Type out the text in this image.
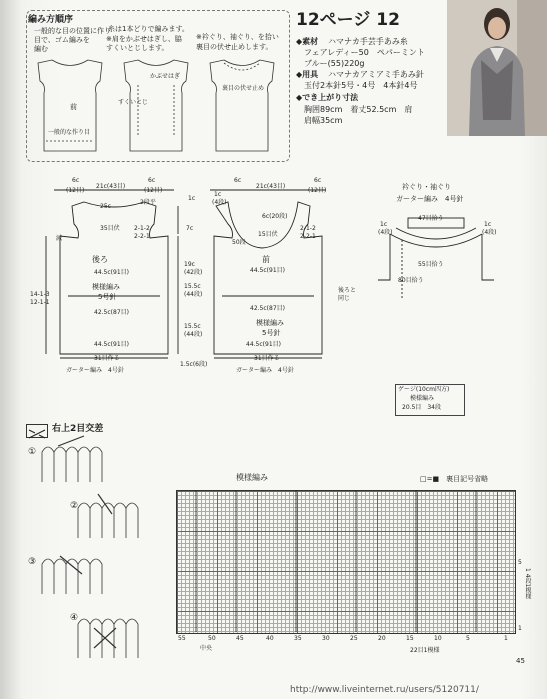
編み方順序
一般的な目の位置に作り
目で、ゴム編みを
編む
糸は1本どりで編みます。
※肩をかぶせはぎし、脇
すくいとじします。
※衿ぐり、袖ぐり、を拾い
裏目の伏せ止めします。
前
一般的な作り目
かぶせはぎ
すくいとじ
裏目の伏せ止め
12ページ 12
◆素材 ハマナカ手芸手あみ糸
フェアレディー50　ペパーミント
ブルー(55)220g
◆用具 ハマナカアミアミ手あみ針
玉付2本針5号・4号　4本針4号
◆でき上がり寸法
胸囲89cm　着丈52.5cm　肩
肩幅35cm
6c
21c(43目)
6c
(12目)	(12目)
25c
2段平
35目伏 2-1-2
2-2-1
1c
7c
19c
(42段)
減
14-1-3
12-1-1
後ろ
44.5c(91目)
模様編み
5号針
42.5c(87目)
44.5c(91目)
31目作る
ガーター編み　4号針
15.5c
(44段)
15.5c
(44段)
1.5c(6段)
6c
21c(43目)
6c
(12目)
6c(20段)
15目伏
50段
1c
(4段)
2-1-2
2-2-1
前
44.5c(91目)
42.5c(87目)
模様編み
5号針
44.5c(91目)
31目作る
ガーター編み　4号針
後ろと
同じ
衿ぐり・袖ぐり
ガーター編み　4号針
47目拾う
55目拾う
1c
(4段)
1c
(4段)
80目拾う
ゲージ(10cm四方)
模様編み
20.5目　34段
右上2目交差
①
②
③
④
模様編み	□=■　裏目記号省略
55	50	45	40	35	30	25	20	15	10	5	1
中央	22目1模様
5
1
1 4段1模様
45
http://www.liveinternet.ru/users/5120711/
